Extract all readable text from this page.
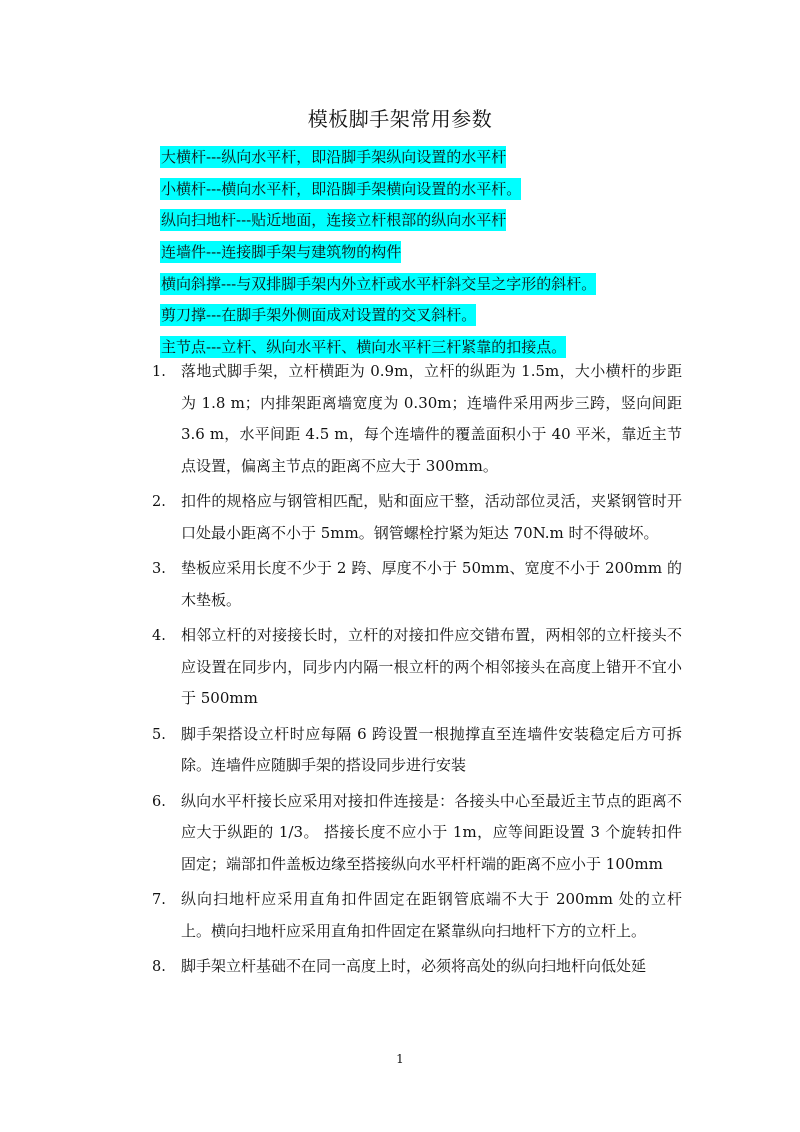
模板脚手架常用参数
大横杆---纵向水平杆，即沿脚手架纵向设置的水平杆
小横杆---横向水平杆，即沿脚手架横向设置的水平杆。
纵向扫地杆---贴近地面，连接立杆根部的纵向水平杆
连墙件---连接脚手架与建筑物的构件
横向斜撑---与双排脚手架内外立杆或水平杆斜交呈之字形的斜杆。
剪刀撑---在脚手架外侧面成对设置的交叉斜杆。
主节点---立杆、纵向水平杆、横向水平杆三杆紧靠的扣接点。
1. 落地式脚手架，立杆横距为 0.9m，立杆的纵距为 1.5m，大小横杆的步距为 1.8 m；内排架距离墙宽度为 0.30m；连墙件采用两步三跨，竖向间距 3.6 m，水平间距 4.5 m，每个连墙件的覆盖面积小于 40 平米，靠近主节点设置，偏离主节点的距离不应大于 300mm。
2. 扣件的规格应与钢管相匹配，贴和面应干整，活动部位灵活，夹紧钢管时开口处最小距离不小于 5mm。钢管螺栓拧紧为矩达 70N.m 时不得破坏。
3. 垫板应采用长度不少于 2 跨、厚度不小于 50mm、宽度不小于 200mm 的木垫板。
4. 相邻立杆的对接接长时，立杆的对接扣件应交错布置，两相邻的立杆接头不应设置在同步内，同步内内隔一根立杆的两个相邻接头在高度上错开不宜小于 500mm
5. 脚手架搭设立杆时应每隔 6 跨设置一根抛撑直至连墙件安装稳定后方可拆除。连墙件应随脚手架的搭设同步进行安装
6. 纵向水平杆接长应采用对接扣件连接是：各接头中心至最近主节点的距离不应大于纵距的 1/3。 搭接长度不应小于 1m，应等间距设置 3 个旋转扣件固定；端部扣件盖板边缘至搭接纵向水平杆杆端的距离不应小于 100mm
7. 纵向扫地杆应采用直角扣件固定在距钢管底端不大于 200mm 处的立杆上。横向扫地杆应采用直角扣件固定在紧靠纵向扫地杆下方的立杆上。
8. 脚手架立杆基础不在同一高度上时，必须将高处的纵向扫地杆向低处延
1
